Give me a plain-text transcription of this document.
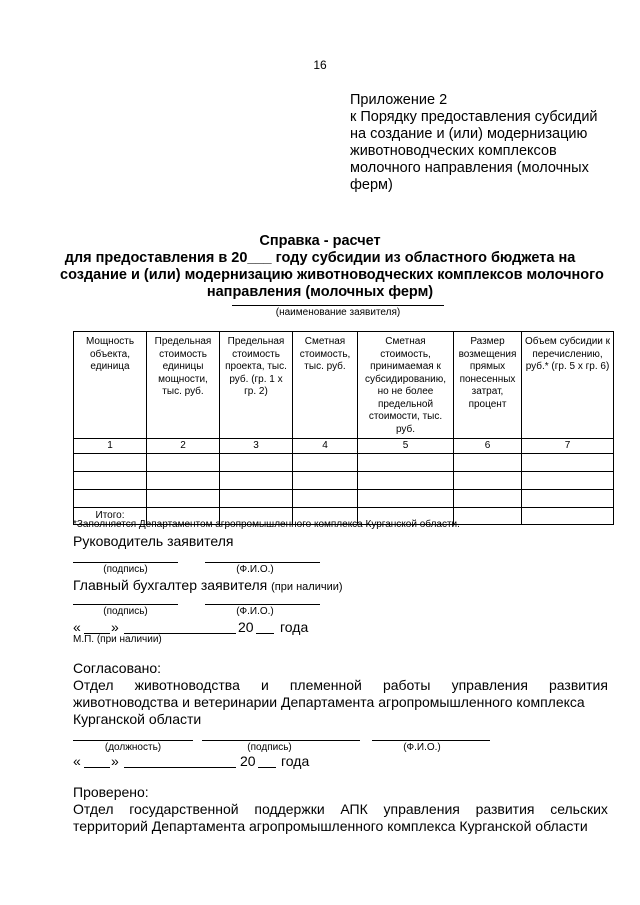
16
Приложение 2
к Порядку предоставления субсидий
на создание и (или) модернизацию
животноводческих комплексов
молочного направления (молочных
ферм)
Справка - расчет
для предоставления в 20___ году субсидии из областного бюджета на
создание и (или) модернизацию животноводческих комплексов молочного
направления (молочных ферм)
(наименование заявителя)
Мощность объекта, единица	Предельная стоимость единицы мощности, тыс. руб.	Предельная стоимость проекта, тыс. руб. (гр. 1 x гр. 2)	Сметная стоимость, тыс. руб.	Сметная стоимость, принимаемая к субсидированию, но не более предельной стоимости, тыс. руб.	Размер возмещения прямых понесенных затрат, процент	Объем субсидии к перечислению, руб.* (гр. 5 x гр. 6)
1	2	3	4	5	6	7

Итого:						
*Заполняется Департаментом агропромышленного комплекса Курганской области.
Руководитель заявителя
(подпись)	(Ф.И.О.)
Главный бухгалтер заявителя (при наличии)
(подпись)	(Ф.И.О.)
« »	20 года
М.П. (при наличии)
Согласовано:
Отдел животноводства и племенной работы управления развития
животноводства и ветеринарии Департамента агропромышленного комплекса
Курганской области
(должность)	(подпись)	(Ф.И.О.)
« »	20 года
Проверено:
Отдел государственной поддержки АПК управления развития сельских
территорий Департамента агропромышленного комплекса Курганской области
